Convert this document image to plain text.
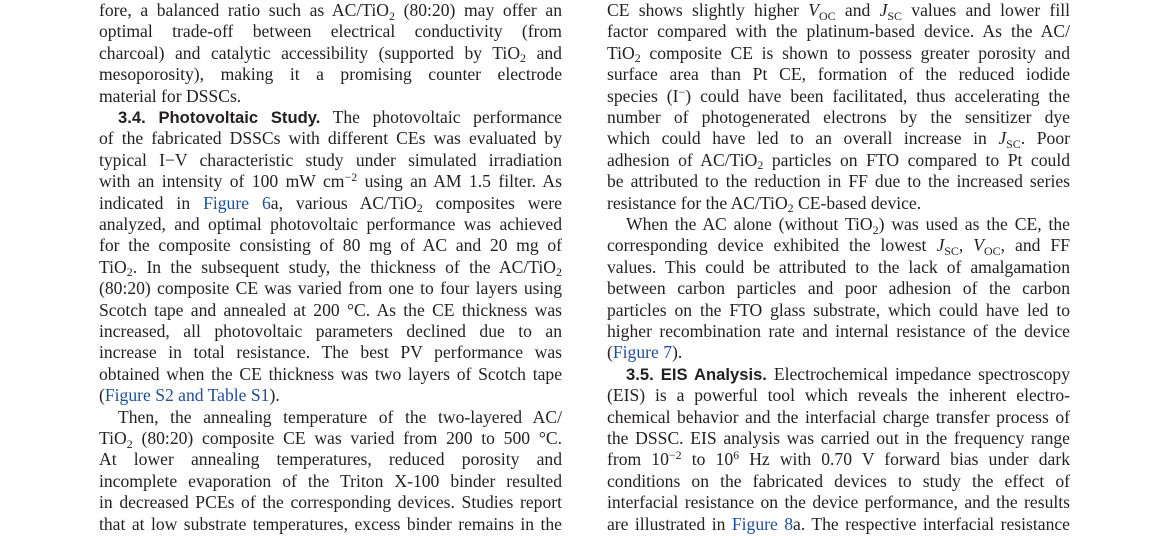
fore, a balanced ratio such as AC/TiO$_2$ (80:20) may offer an
optimal trade-off between electrical conductivity (from
charcoal) and catalytic accessibility (supported by TiO$_2$ and
mesoporosity), making it a promising counter electrode
material for DSSCs.
3.4. Photovoltaic Study. The photovoltaic performance
of the fabricated DSSCs with different CEs was evaluated by
typical I−V characteristic study under simulated irradiation
with an intensity of 100 mW $cm^{-2}$ using an AM 1.5 filter. As
indicated in Figure 6a, various AC/TiO$_2$ composites were
analyzed, and optimal photovoltaic performance was achieved
for the composite consisting of 80 mg of AC and 20 mg of
TiO$_2$. In the subsequent study, the thickness of the AC/TiO$_2$
(80:20) composite CE was varied from one to four layers using
Scotch tape and annealed at 200 °C. As the CE thickness was
increased, all photovoltaic parameters declined due to an
increase in total resistance. The best PV performance was
obtained when the CE thickness was two layers of Scotch tape
(Figure S2 and Table S1).
Then, the annealing temperature of the two-layered AC/
TiO$_2$ (80:20) composite CE was varied from 200 to 500 °C.
At lower annealing temperatures, reduced porosity and
incomplete evaporation of the Triton X-100 binder resulted
in decreased PCEs of the corresponding devices. Studies report
that at low substrate temperatures, excess binder remains in the
CE shows slightly higher $V_{OC}$ and $J_{SC}$ values and lower fill
factor compared with the platinum-based device. As the AC/
TiO$_2$ composite CE is shown to possess greater porosity and
surface area than Pt CE, formation of the reduced iodide
species (I−) could have been facilitated, thus accelerating the
number of photogenerated electrons by the sensitizer dye
which could have led to an overall increase in $J_{SC}$. Poor
adhesion of AC/TiO$_2$ particles on FTO compared to Pt could
be attributed to the reduction in FF due to the increased series
resistance for the AC/TiO$_2$ CE-based device.
When the AC alone (without TiO$_2$) was used as the CE, the
corresponding device exhibited the lowest $J_{SC}$, $V_{OC}$, and FF
values. This could be attributed to the lack of amalgamation
between carbon particles and poor adhesion of the carbon
particles on the FTO glass substrate, which could have led to
higher recombination rate and internal resistance of the device
(Figure 7).
3.5. EIS Analysis. Electrochemical impedance spectroscopy
(EIS) is a powerful tool which reveals the inherent electro-
chemical behavior and the interfacial charge transfer process of
the DSSC. EIS analysis was carried out in the frequency range
from $10^{-2}$ to $10^6$ Hz with 0.70 V forward bias under dark
conditions on the fabricated devices to study the effect of
interfacial resistance on the device performance, and the results
are illustrated in Figure 8a. The respective interfacial resistance
